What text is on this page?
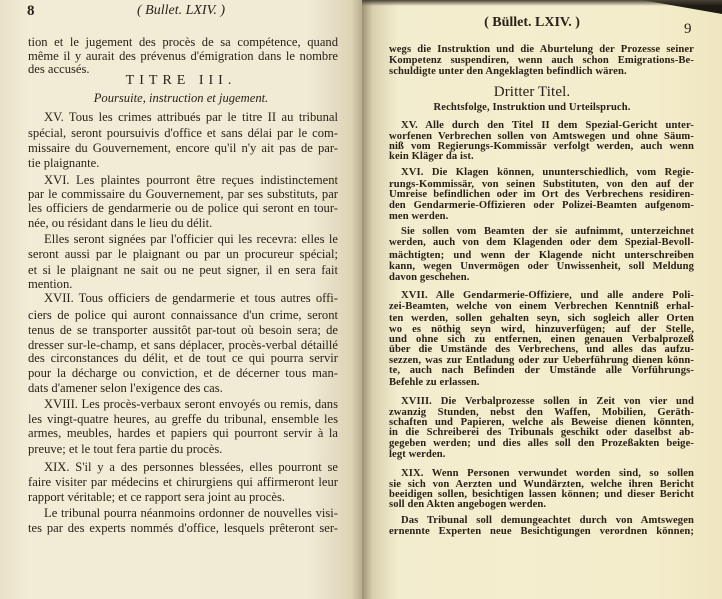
8	( Bullet. LXIV. )
tion et le jugement des procès de sa compétence, quand
même il y aurait des prévenus d'émigration dans le nombre
des accusés.
TITRE III.
Poursuite, instruction et jugement.
XV. Tous les crimes attribués par le titre II au tribunal
spécial, seront poursuivis d'office et sans délai par le com-
missaire du Gouvernement, encore qu'il n'y ait pas de par-
tie plaignante.
XVI. Les plaintes pourront être reçues indistinctement
par le commissaire du Gouvernement, par ses substituts, par
les officiers de gendarmerie ou de police qui seront en tour-
née, ou résidant dans le lieu du délit.
Elles seront signées par l'officier qui les recevra: elles le
seront aussi par le plaignant ou par un procureur spécial;
et si le plaignant ne sait ou ne peut signer, il en sera fait
mention.
XVII. Tous officiers de gendarmerie et tous autres offi-
ciers de police qui auront connaissance d'un crime, seront
tenus de se transporter aussitôt par-tout où besoin sera; de
dresser sur-le-champ, et sans déplacer, procès-verbal détaillé
des circonstances du délit, et de tout ce qui pourra servir
pour la décharge ou conviction, et de décerner tous man-
dats d'amener selon l'exigence des cas.
XVIII. Les procès-verbaux seront envoyés ou remis, dans
les vingt-quatre heures, au greffe du tribunal, ensemble les
armes, meubles, hardes et papiers qui pourront servir à la
preuve; et le tout fera partie du procès.
XIX. S'il y a des personnes blessées, elles pourront se
faire visiter par médecins et chirurgiens qui affirmeront leur
rapport véritable; et ce rapport sera joint au procès.
Le tribunal pourra néanmoins ordonner de nouvelles visi-
tes par des experts nommés d'office, lesquels prêteront ser-
( Büllet. LXIV. )	9
wegs die Instruktion und die Aburtelung der Prozesse seiner
Kompetenz suspendiren, wenn auch schon Emigrations-Be-
schuldigte unter den Angeklagten befindlich wären.
Dritter Titel.
Rechtsfolge, Instruktion und Urteilspruch.
XV. Alle durch den Titel II dem Spezial-Gericht unter-
worfenen Verbrechen sollen von Amtswegen und ohne Säum-
niß vom Regierungs-Kommissär verfolgt werden, auch wenn
kein Kläger da ist.
XVI. Die Klagen können, ununterschiedlich, vom Regie-
rungs-Kommissär, von seinen Substituten, von den auf der
Umreise befindlichen oder im Ort des Verbrechens residiren-
den Gendarmerie-Offizieren oder Polizei-Beamten aufgenom-
men werden.
Sie sollen vom Beamten der sie aufnimmt, unterzeichnet
werden, auch von dem Klagenden oder dem Spezial-Bevoll-
mächtigten; und wenn der Klagende nicht unterschreiben
kann, wegen Unvermögen oder Unwissenheit, soll Meldung
davon geschehen.
XVII. Alle Gendarmerie-Offiziere, und alle andere Poli-
zei-Beamten, welche von einem Verbrechen Kenntniß erhal-
ten werden, sollen gehalten seyn, sich sogleich aller Orten
wo es nöthig seyn wird, hinzuverfügen; auf der Stelle,
und ohne sich zu entfernen, einen genauen Verbalprozeß
über die Umstände des Verbrechens, und alles das aufzu-
sezzen, was zur Entladung oder zur Ueberführung dienen könn-
te, auch nach Befinden der Umstände alle Vorführungs-
Befehle zu erlassen.
XVIII. Die Verbalprozesse sollen in Zeit von vier und
zwanzig Stunden, nebst den Waffen, Mobilien, Geräth-
schaften und Papieren, welche als Beweise dienen könnten,
in die Schreiberei des Tribunals geschikt oder daselbst ab-
gegeben werden; und dies alles soll den Prozeßakten beige-
legt werden.
XIX. Wenn Personen verwundet worden sind, so sollen
sie sich von Aerzten und Wundärzten, welche ihren Bericht
beeidigen sollen, besichtigen lassen können; und dieser Bericht
soll den Akten angebogen werden.
Das Tribunal soll demungeachtet durch von Amtswegen
ernennte Experten neue Besichtigungen verordnen können;
